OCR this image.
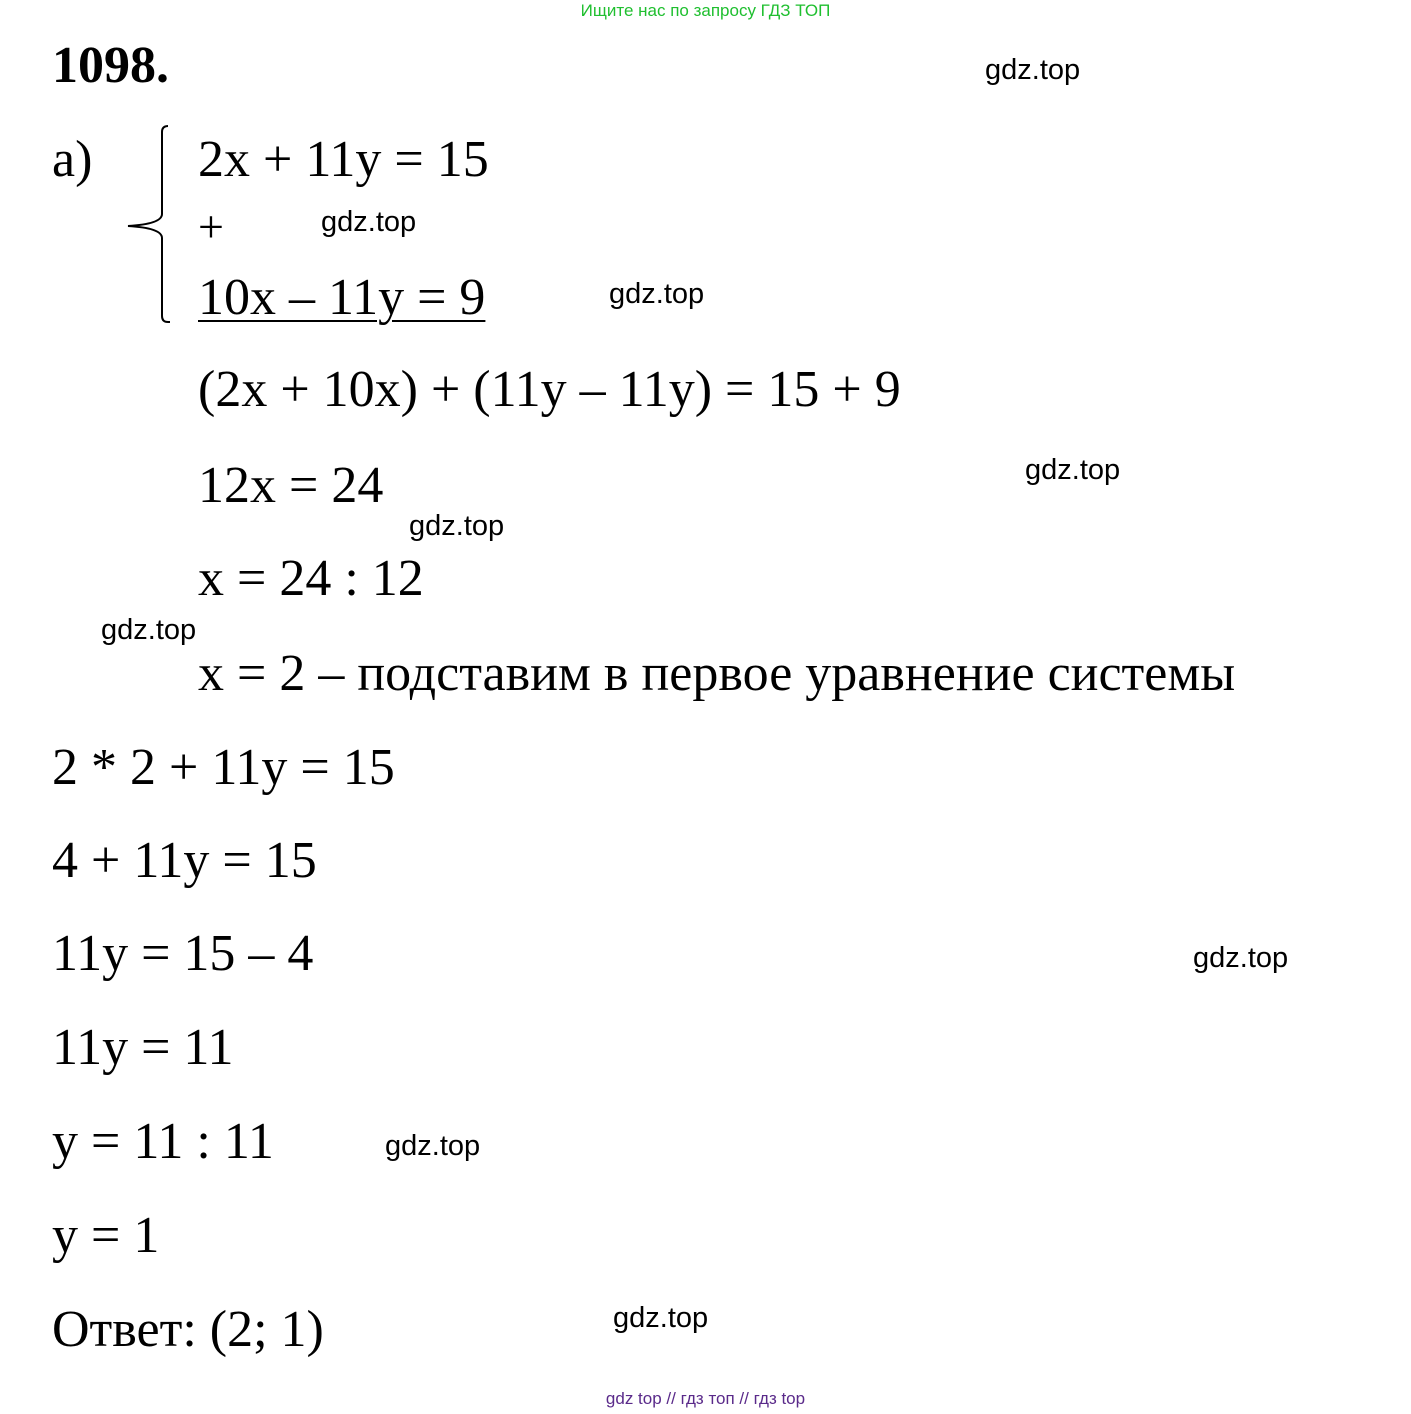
Ищите нас по запросу ГДЗ ТОП
1098.
а) 2x + 11y = 15
+
10x – 11y = 9
(2x + 10x) + (11y – 11y) = 15 + 9
12x = 24
x = 24 : 12
x = 2 – подставим в первое уравнение системы
2 * 2 + 11y = 15
4 + 11y = 15
11y = 15 – 4
11y = 11
y = 11 : 11
y = 1
Ответ: (2; 1)
gdz.top
gdz.top
gdz.top
gdz.top
gdz.top
gdz.top
gdz.top
gdz.top
gdz.top
gdz top // гдз топ // гдз top
